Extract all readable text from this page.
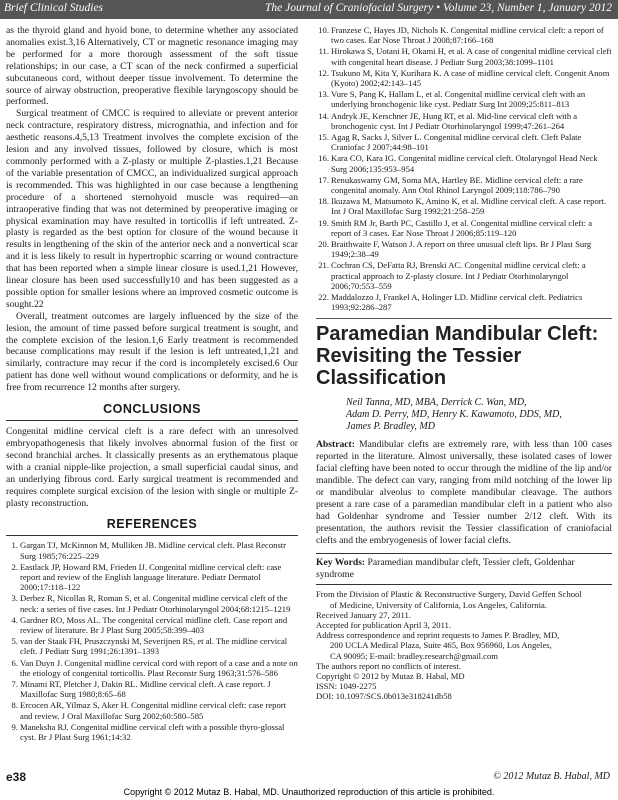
Brief Clinical Studies	The Journal of Craniofacial Surgery • Volume 23, Number 1, January 2012

as the thyroid gland and hyoid bone, to determine whether any associated anomalies exist.3,16 Alternatively, CT or magnetic resonance imaging may be performed for a more thorough assessment of the soft tissue relationships; in our case, a CT scan of the neck confirmed a superficial subcutaneous cord, without deeper tissue involvement. To determine the source of airway obstruction, preoperative flexible laryngoscopy should be performed.

Surgical treatment of CMCC is required to alleviate or prevent anterior neck contracture, respiratory distress, micrognathia, and infection and for aesthetic reasons.4,5,13 Treatment involves the complete excision of the lesion and any involved tissues, followed by closure, which is most commonly performed with a Z-plasty or multiple Z-plasties.1,21 Because of the variable presentation of CMCC, an individualized surgical approach is recommended. This was highlighted in our case because a lengthening procedure of a shortened sternohyoid muscle was required—an intraoperative finding that was not determined by preoperative imaging or physical examination may have resulted in torticollis if left untreated. Z-plasty is regarded as the best option for closure of the wound because it results in lengthening of the skin of the anterior neck and a nonvertical scar and it is less likely to result in hypertrophic scarring or wound contracture that has been reported when a simple linear closure is used.1,21 However, linear closure has been used successfully10 and has been suggested as a possible option for smaller lesions where an improved cosmetic outcome is sought.22

Overall, treatment outcomes are largely influenced by the size of the lesion, the amount of time passed before surgical treatment is sought, and the complete excision of the lesion.1,6 Early treatment is recommended because complications may result if the lesion is left untreated,1,21 and similarly, contracture may recur if the cord is incompletely excised.6 Our patient has done well without wound complications or deformity, and he is free from recurrence 12 months after surgery.

CONCLUSIONS

Congenital midline cervical cleft is a rare defect with an unresolved embryopathogenesis that likely involves abnormal fusion of the first or second branchial arches. It classically presents as an erythematous plaque with a cranial nipple-like projection, a small superficial caudal sinus, and an underlying fibrous cord. Early surgical treatment is recommended and requires complete surgical excision of the lesion with single or multiple Z-plasty reconstruction.

REFERENCES
1. Gargan TJ, McKinnon M, Mulliken JB. Midline cervical cleft. Plast Reconstr Surg 1985;76:225–229
2. Eastlack JP, Howard RM, Frieden IJ. Congenital midline cervical cleft: case report and review of the English language literature. Pediatr Dermatol 2000;17:118–122
3. Derbez R, Nicollas R, Roman S, et al. Congenital midline cervical cleft of the neck: a series of five cases. Int J Pediatr Otorhinolaryngol 2004;68:1215–1219
4. Gardner RO, Moss AL. The congenital cervical midline cleft. Case report and review of literature. Br J Plast Surg 2005;58:399–403
5. van der Staak FH, Pruszczynski M, Severijnen RS, et al. The midline cervical cleft. J Pediatr Surg 1991;26:1391–1393
6. Van Duyn J. Congenital midline cervical cord with report of a case and a note on the etiology of congenital torticollis. Plast Reconstr Surg 1963;31:576–586
7. Minami RT, Pletcher J, Dakin RL. Midline cervical cleft. A case report. J Maxillofac Surg 1980;8:65–68
8. Ercocen AR, Yilmaz S, Aker H. Congenital midline cervical cleft: case report and review. J Oral Maxillofac Surg 2002;60:580–585
9. Maneksha RJ. Congenital midline cervical cleft with a possible thyro-glossal cyst. Br J Plast Surg 1961;14:32
10. Franzese C, Hayes JD, Nichols K. Congenital midline cervical cleft: a report of two cases. Ear Nose Throat J 2008;87:166–168
11. Hirokawa S, Uotani H, Okami H, et al. A case of congenital midline cervical cleft with congenital heart disease. J Pediatr Surg 2003;38:1099–1101
12. Tsukuno M, Kita Y, Kurihara K. A case of midline cervical cleft. Congenit Anom (Kyoto) 2002;42:143–145
13. Vure S, Pang K, Hallam L, et al. Congenital midline cervical cleft with an underlying bronchogenic like cyst. Pediatr Surg Int 2009;25:811–813
14. Andryk JE, Kerschner JE, Hung RT, et al. Mid-line cervical cleft with a bronchogenic cyst. Int J Pediatr Otorhinolaryngol 1999;47:261–264
15. Agag R, Sacks J, Silver L. Congenital midline cervical cleft. Cleft Palate Craniofac J 2007;44:98–101
16. Kara CO, Kara IG. Congenital midline cervical cleft. Otolaryngol Head Neck Surg 2006;135:953–954
17. Renukaswamy GM, Soma MA, Hartley BE. Midline cervical cleft: a rare congenital anomaly. Ann Otol Rhinol Laryngol 2009;118:786–790
18. Ikuzawa M, Matsumoto K, Amino K, et al. Midline cervical cleft. A case report. Int J Oral Maxillofac Surg 1992;21:258–259
19. Smith RM Jr, Barth PC, Castillo J, et al. Congenital midline cervical cleft: a report of 3 cases. Ear Nose Throat J 2006;85:119–120
20. Braithwaite F, Watson J. A report on three unusual cleft lips. Br J Plast Surg 1949;2:38–49
21. Cochran CS, DeFatta RJ, Brenski AC. Congenital midline cervical cleft: a practical approach to Z-plasty closure. Int J Pediatr Otorhinolaryngol 2006;70:553–559
22. Maddalozzo J, Frankel A, Holinger LD. Midline cervical cleft. Pediatrics 1993;92:286–287
Paramedian Mandibular Cleft: Revisiting the Tessier Classification
Neil Tanna, MD, MBA, Derrick C. Wan, MD,
Adam D. Perry, MD, Henry K. Kawamoto, DDS, MD,
James P. Bradley, MD

Abstract: Mandibular clefts are extremely rare, with less than 100 cases reported in the literature. Almost universally, these isolated cases of lower facial clefting have been noted to occur through the midline of the lip and/or mandible. The defect can vary, ranging from mild notching of the lower lip or mandibular alveolus to complete mandibular cleavage. The authors present a rare case of a paramedian mandibular cleft in a patient who also had Goldenhar syndrome and Tessier number 2/12 cleft. With its presentation, the authors revisit the Tessier classification of craniofacial clefts and the embryogenesis of lower facial clefts.

Key Words: Paramedian mandibular cleft, Tessier cleft, Goldenhar syndrome

From the Division of Plastic & Reconstructive Surgery, David Geffen School
of Medicine, University of California, Los Angeles, California.
Received January 27, 2011.
Accepted for publication April 3, 2011.
Address correspondence and reprint requests to James P. Bradley, MD,
200 UCLA Medical Plaza, Suite 465, Box 956960, Los Angeles,
CA 90095; E-mail: bradley.research@gmail.com
The authors report no conflicts of interest.
Copyright © 2012 by Mutaz B. Habal, MD
ISSN: 1049-2275
DOI: 10.1097/SCS.0b013e318241db58
e38	© 2012 Mutaz B. Habal, MD
Copyright © 2012 Mutaz B. Habal, MD. Unauthorized reproduction of this article is prohibited.
